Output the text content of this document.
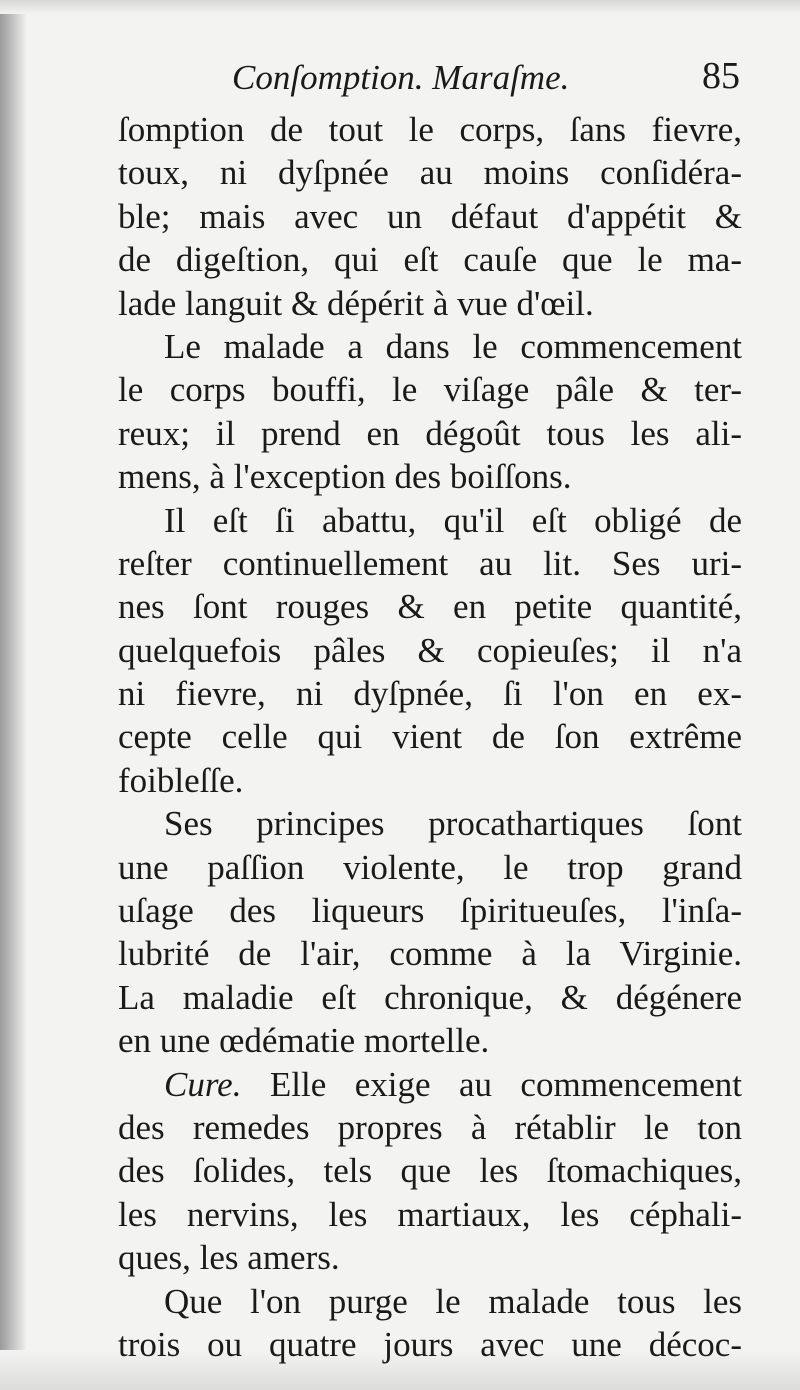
Conſomption. Maraſme.	85
ſomption de tout le corps, ſans fievre,
toux, ni dyſpnée au moins conſidéra-
ble; mais avec un défaut d'appétit &
de digeſtion, qui eſt cauſe que le ma-
lade languit & dépérit à vue d'œil.
Le malade a dans le commencement
le corps bouffi, le viſage pâle & ter-
reux; il prend en dégoût tous les ali-
mens, à l'exception des boiſſons.
Il eſt ſi abattu, qu'il eſt obligé de
reſter continuellement au lit. Ses uri-
nes ſont rouges & en petite quantité,
quelquefois pâles & copieuſes; il n'a
ni fievre, ni dyſpnée, ſi l'on en ex-
cepte celle qui vient de ſon extrême
foibleſſe.
Ses principes procathartiques ſont
une paſſion violente, le trop grand
uſage des liqueurs ſpiritueuſes, l'inſa-
lubrité de l'air, comme à la Virginie.
La maladie eſt chronique, & dégénere
en une œdématie mortelle.
Cure. Elle exige au commencement
des remedes propres à rétablir le ton
des ſolides, tels que les ſtomachiques,
les nervins, les martiaux, les céphali-
ques, les amers.
Que l'on purge le malade tous les
trois ou quatre jours avec une décoc-
